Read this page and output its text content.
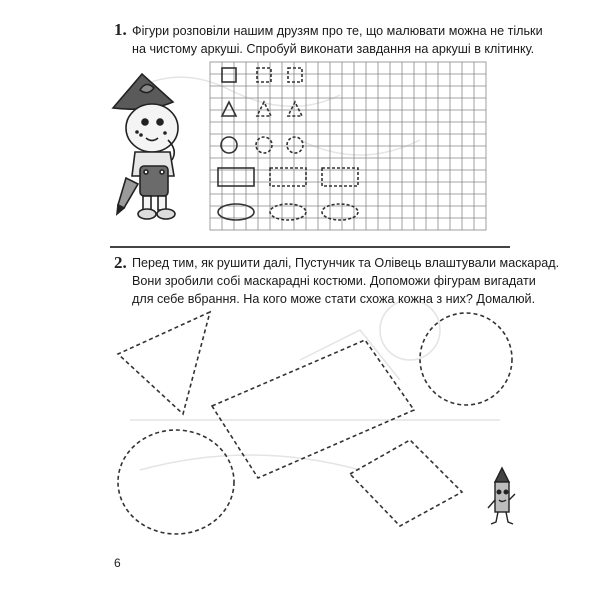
1. Фігури розповіли нашим друзям про те, що малювати можна не тільки
на чистому аркуші. Спробуй виконати завдання на аркуші в клітинку.
2. Перед тим, як рушити далі, Пустунчик та Олівець влаштували маскарад.
Вони зробили собі маскарадні костюми. Допоможи фігурам вигадати
для себе вбрання. На кого може стати схожа кожна з них? Домалюй.
6
